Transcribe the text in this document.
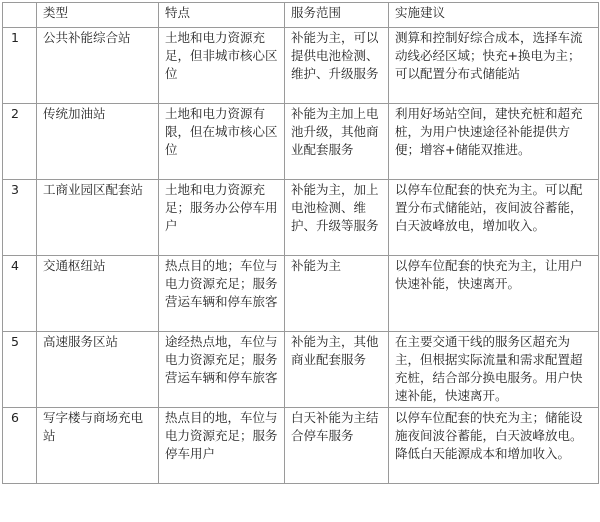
	类型	特点	服务范围	实施建议
1	公共补能综合站	土地和电力资源充足，但非城市核心区位	补能为主，可以提供电池检测、维护、升级服务	测算和控制好综合成本，选择车流动线必经区域；快充+换电为主；可以配置分布式储能站
2	传统加油站	土地和电力资源有限，但在城市核心区位	补能为主加上电池升级，其他商业配套服务	利用好场站空间，建快充桩和超充桩，为用户快速途径补能提供方便；增容+储能双推进。
3	工商业园区配套站	土地和电力资源充足；服务办公停车用户	补能为主，加上电池检测、维护、升级等服务	以停车位配套的快充为主。可以配置分布式储能站，夜间波谷蓄能，白天波峰放电，增加收入。
4	交通枢纽站	热点目的地；车位与电力资源充足；服务营运车辆和停车旅客	补能为主	以停车位配套的快充为主，让用户快速补能，快速离开。
5	高速服务区站	途经热点地，车位与电力资源充足；服务营运车辆和停车旅客	补能为主，其他商业配套服务	在主要交通干线的服务区超充为主，但根据实际流量和需求配置超充桩，结合部分换电服务。用户快速补能，快速离开。
6	写字楼与商场充电站	热点目的地，车位与电力资源充足；服务停车用户	白天补能为主结合停车服务	以停车位配套的快充为主；储能设施夜间波谷蓄能，白天波峰放电。降低白天能源成本和增加收入。
